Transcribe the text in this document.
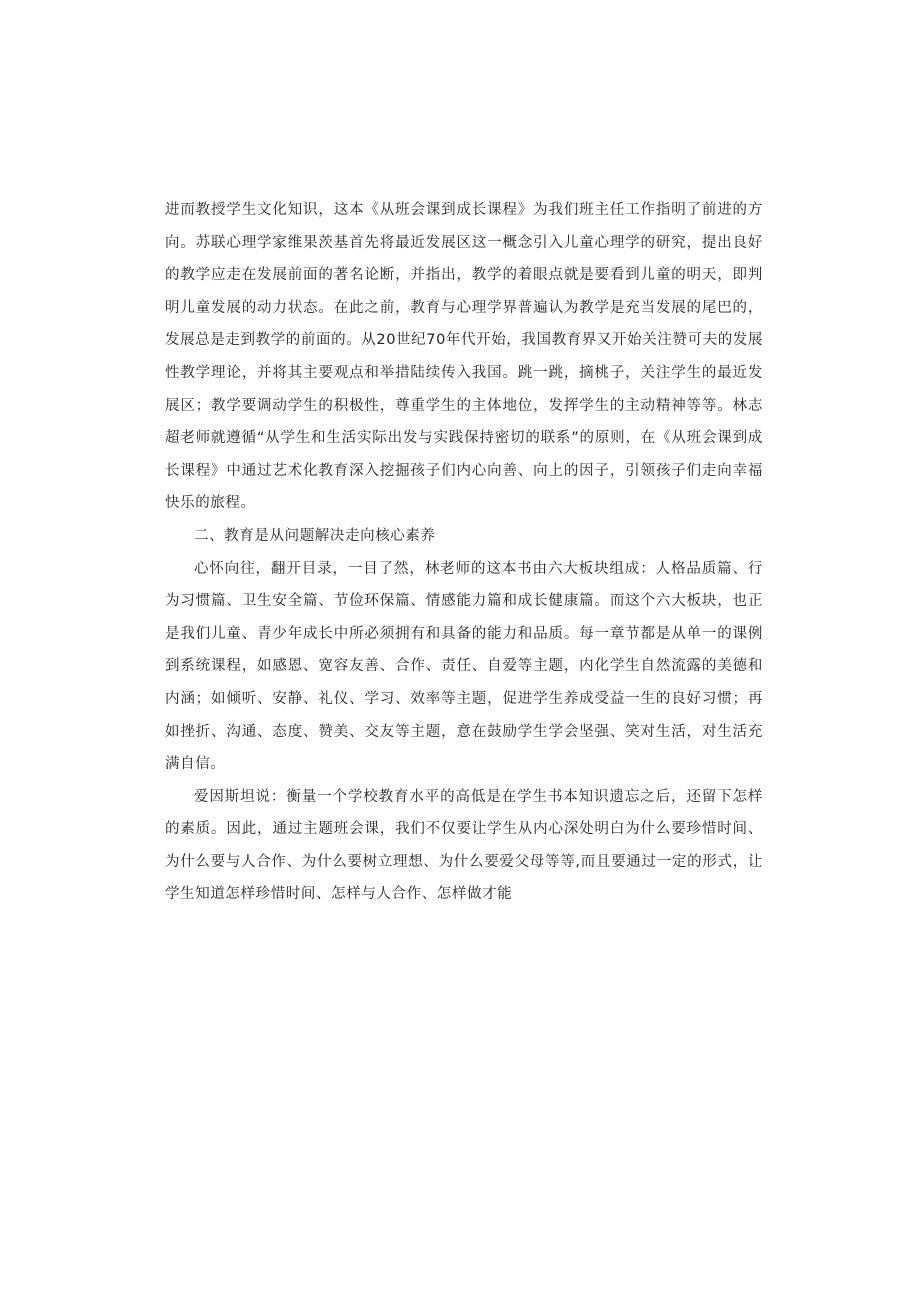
进而教授学生文化知识，这本《从班会课到成长课程》为我们班主任工作指明了前进的方向。苏联心理学家维果茨基首先将最近发展区这一概念引入儿童心理学的研究，提出良好的教学应走在发展前面的著名论断，并指出，教学的着眼点就是要看到儿童的明天，即判明儿童发展的动力状态。在此之前，教育与心理学界普遍认为教学是充当发展的尾巴的，发展总是走到教学的前面的。从20世纪70年代开始，我国教育界又开始关注赞可夫的发展性教学理论，并将其主要观点和举措陆续传入我国。跳一跳，摘桃子，关注学生的最近发展区；教学要调动学生的积极性，尊重学生的主体地位，发挥学生的主动精神等等。林志超老师就遵循“从学生和生活实际出发与实践保持密切的联系”的原则，在《从班会课到成长课程》中通过艺术化教育深入挖掘孩子们内心向善、向上的因子，引领孩子们走向幸福快乐的旅程。

二、教育是从问题解决走向核心素养

心怀向往，翻开目录，一目了然，林老师的这本书由六大板块组成：人格品质篇、行为习惯篇、卫生安全篇、节俭环保篇、情感能力篇和成长健康篇。而这个六大板块，也正是我们儿童、青少年成长中所必须拥有和具备的能力和品质。每一章节都是从单一的课例到系统课程，如感恩、宽容友善、合作、责任、自爱等主题，内化学生自然流露的美德和内涵；如倾听、安静、礼仪、学习、效率等主题，促进学生养成受益一生的良好习惯；再如挫折、沟通、态度、赞美、交友等主题，意在鼓励学生学会坚强、笑对生活，对生活充满自信。

爱因斯坦说：衡量一个学校教育水平的高低是在学生书本知识遗忘之后，还留下怎样的素质。因此，通过主题班会课，我们不仅要让学生从内心深处明白为什么要珍惜时间、为什么要与人合作、为什么要树立理想、为什么要爱父母等等,而且要通过一定的形式，让学生知道怎样珍惜时间、怎样与人合作、怎样做才能
